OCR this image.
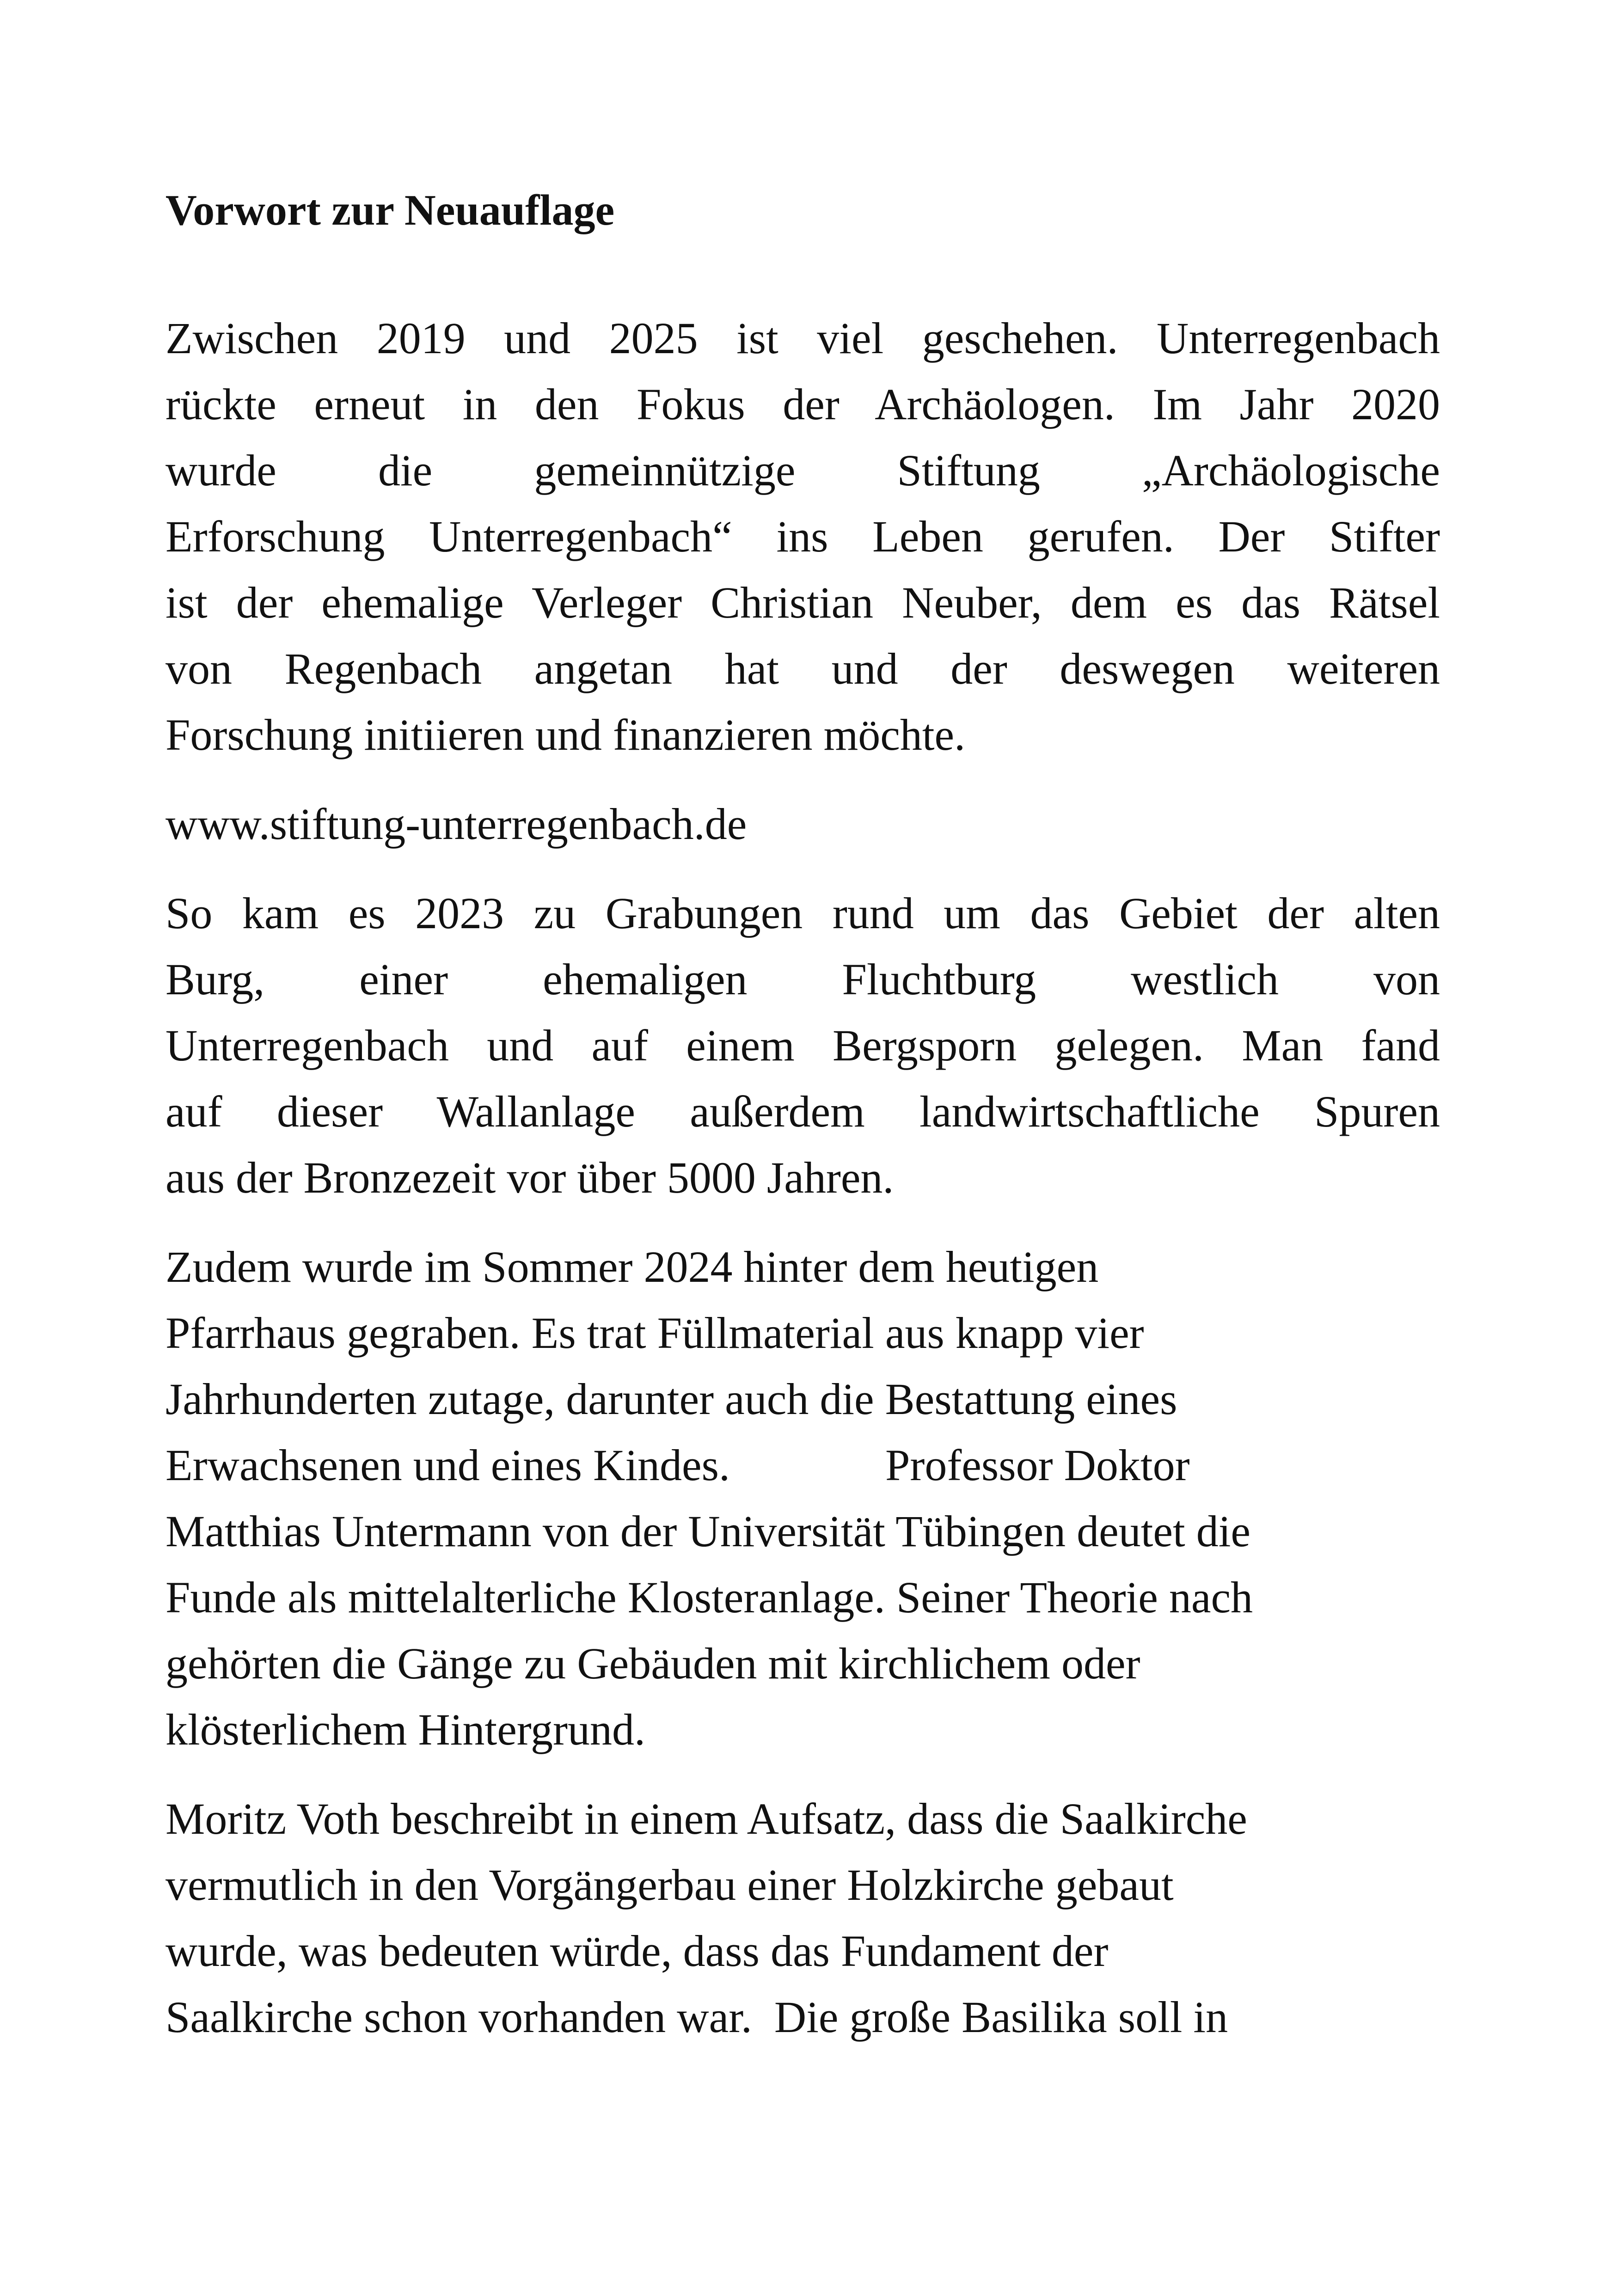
Vorwort zur Neuauflage
Zwischen 2019 und 2025 ist viel geschehen. Unterregenbach
rückte erneut in den Fokus der Archäologen. Im Jahr 2020
wurde die gemeinnützige Stiftung „Archäologische
Erforschung Unterregenbach“ ins Leben gerufen. Der Stifter
ist der ehemalige Verleger Christian Neuber, dem es das Rätsel
von Regenbach angetan hat und der deswegen weiteren
Forschung initiieren und finanzieren möchte.
www.stiftung-unterregenbach.de
So kam es 2023 zu Grabungen rund um das Gebiet der alten
Burg, einer ehemaligen Fluchtburg westlich von
Unterregenbach und auf einem Bergsporn gelegen. Man fand
auf dieser Wallanlage außerdem landwirtschaftliche Spuren
aus der Bronzezeit vor über 5000 Jahren.
Zudem wurde im Sommer 2024 hinter dem heutigen
Pfarrhaus gegraben. Es trat Füllmaterial aus knapp vier
Jahrhunderten zutage, darunter auch die Bestattung eines
Erwachsenen und eines Kindes.              Professor Doktor
Matthias Untermann von der Universität Tübingen deutet die
Funde als mittelalterliche Klosteranlage. Seiner Theorie nach
gehörten die Gänge zu Gebäuden mit kirchlichem oder
klösterlichem Hintergrund.
Moritz Voth beschreibt in einem Aufsatz, dass die Saalkirche
vermutlich in den Vorgängerbau einer Holzkirche gebaut
wurde, was bedeuten würde, dass das Fundament der
Saalkirche schon vorhanden war.  Die große Basilika soll in
